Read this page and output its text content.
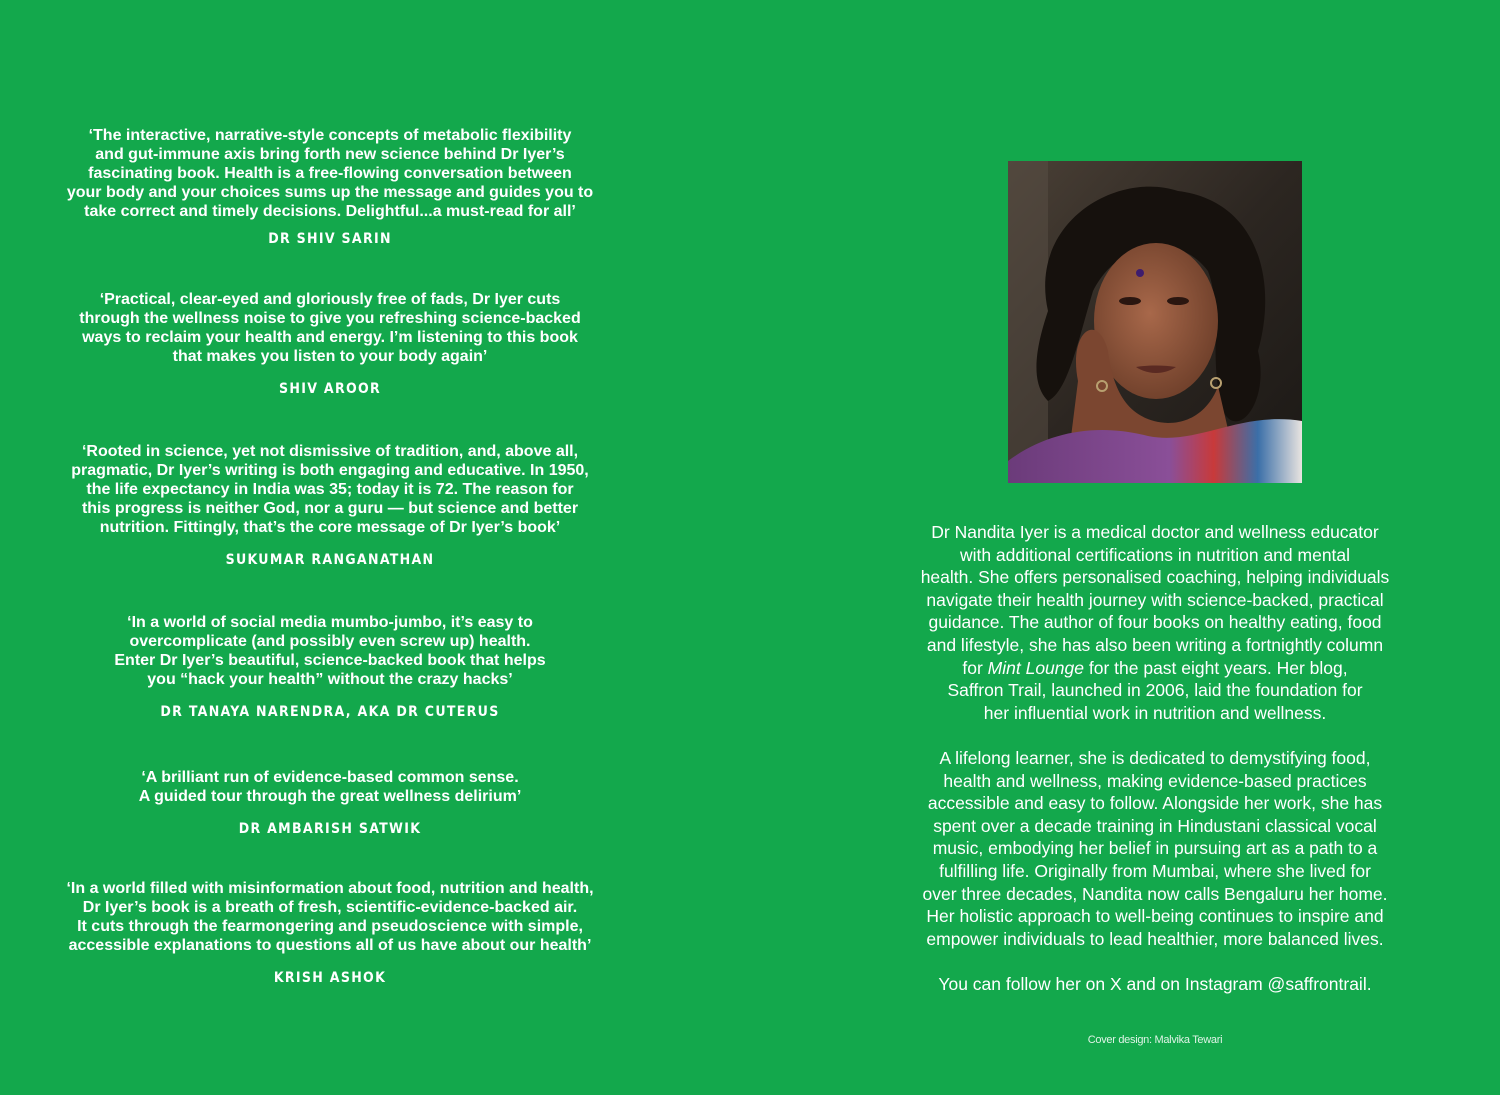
‘The interactive, narrative-style concepts of metabolic flexibility
and gut-immune axis bring forth new science behind Dr Iyer’s
fascinating book. Health is a free-flowing conversation between
your body and your choices sums up the message and guides you to
take correct and timely decisions. Delightful...a must-read for all’

DR SHIV SARIN

‘Practical, clear-eyed and gloriously free of fads, Dr Iyer cuts
through the wellness noise to give you refreshing science-backed
ways to reclaim your health and energy. I’m listening to this book
that makes you listen to your body again’

SHIV AROOR

‘Rooted in science, yet not dismissive of tradition, and, above all,
pragmatic, Dr Iyer’s writing is both engaging and educative. In 1950,
the life expectancy in India was 35; today it is 72. The reason for
this progress is neither God, nor a guru — but science and better
nutrition. Fittingly, that’s the core message of Dr Iyer’s book’

SUKUMAR RANGANATHAN

‘In a world of social media mumbo-jumbo, it’s easy to
overcomplicate (and possibly even screw up) health.
Enter Dr Iyer’s beautiful, science-backed book that helps
you “hack your health” without the crazy hacks’

DR TANAYA NARENDRA, AKA DR CUTERUS

‘A brilliant run of evidence-based common sense.
A guided tour through the great wellness delirium’

DR AMBARISH SATWIK

‘In a world filled with misinformation about food, nutrition and health,
Dr Iyer’s book is a breath of fresh, scientific-evidence-backed air.
It cuts through the fearmongering and pseudoscience with simple,
accessible explanations to questions all of us have about our health’

KRISH ASHOK
Dr Nandita Iyer is a medical doctor and wellness educator
with additional certifications in nutrition and mental
health. She offers personalised coaching, helping individuals
navigate their health journey with science-backed, practical
guidance. The author of four books on healthy eating, food
and lifestyle, she has also been writing a fortnightly column
for Mint Lounge for the past eight years. Her blog,
Saffron Trail, launched in 2006, laid the foundation for
her influential work in nutrition and wellness.
A lifelong learner, she is dedicated to demystifying food,
health and wellness, making evidence-based practices
accessible and easy to follow. Alongside her work, she has
spent over a decade training in Hindustani classical vocal
music, embodying her belief in pursuing art as a path to a
fulfilling life. Originally from Mumbai, where she lived for
over three decades, Nandita now calls Bengaluru her home.
Her holistic approach to well-being continues to inspire and
empower individuals to lead healthier, more balanced lives.
You can follow her on X and on Instagram @saffrontrail.
Cover design: Malvika Tewari
